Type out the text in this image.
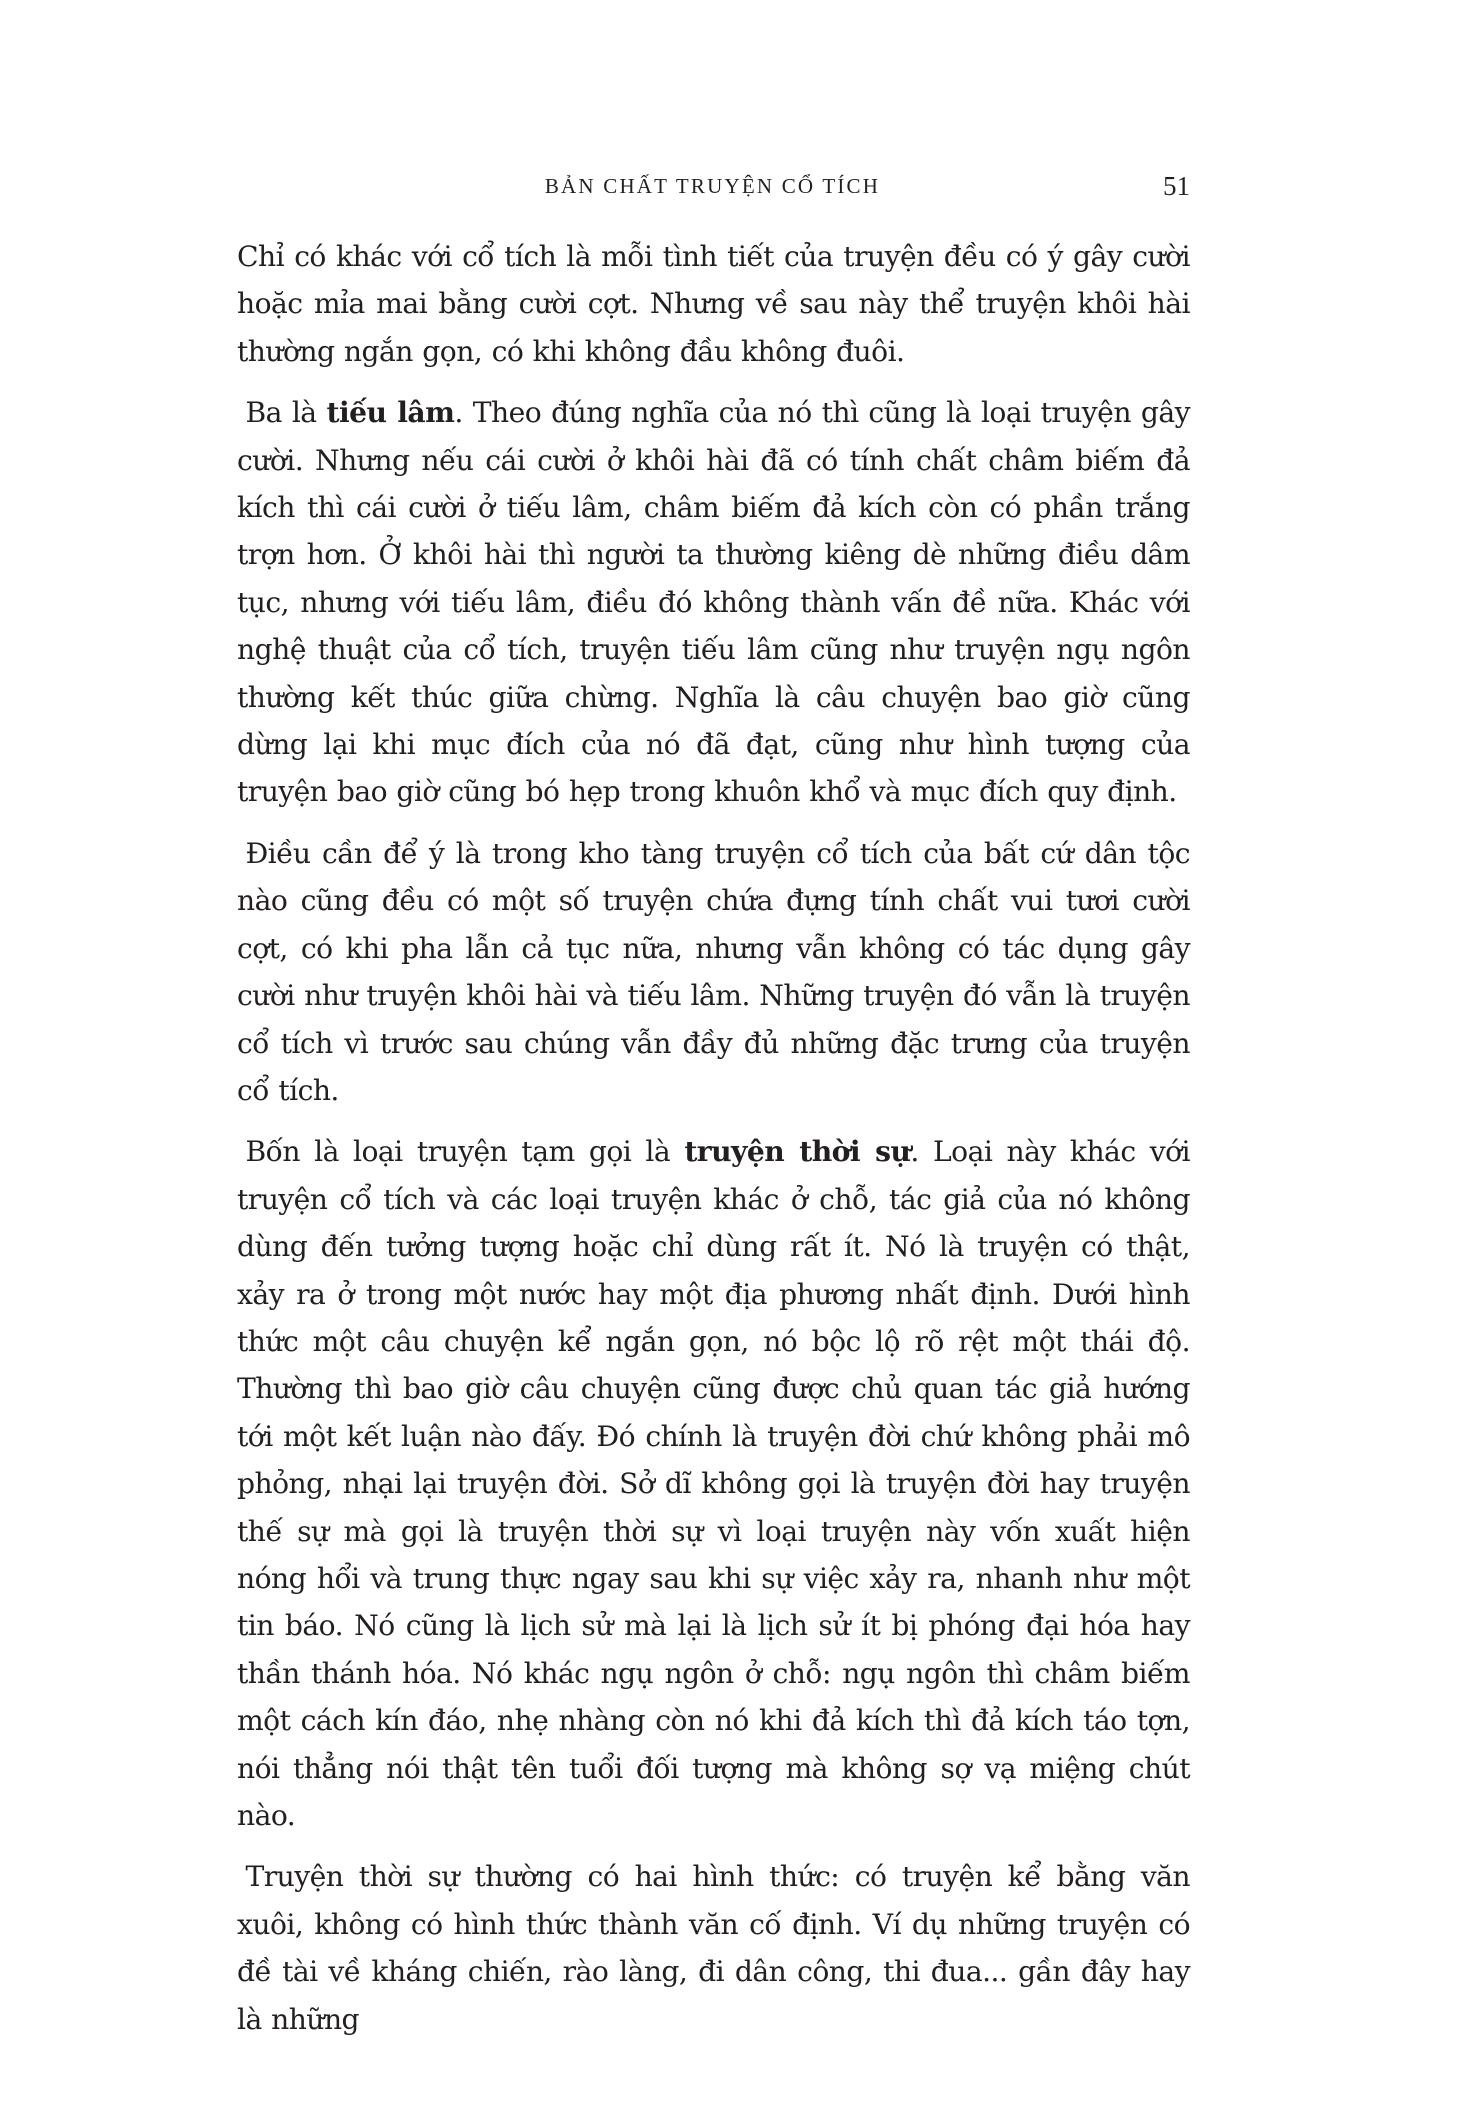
BẢN CHẤT TRUYỆN CỔ TÍCH	51

Chỉ có khác với cổ tích là mỗi tình tiết của truyện đều có ý gây cười hoặc mỉa mai bằng cười cợt. Nhưng về sau này thể truyện khôi hài thường ngắn gọn, có khi không đầu không đuôi.

Ba là tiếu lâm. Theo đúng nghĩa của nó thì cũng là loại truyện gây cười. Nhưng nếu cái cười ở khôi hài đã có tính chất châm biếm đả kích thì cái cười ở tiếu lâm, châm biếm đả kích còn có phần trắng trợn hơn. Ở khôi hài thì người ta thường kiêng dè những điều dâm tục, nhưng với tiếu lâm, điều đó không thành vấn đề nữa. Khác với nghệ thuật của cổ tích, truyện tiếu lâm cũng như truyện ngụ ngôn thường kết thúc giữa chừng. Nghĩa là câu chuyện bao giờ cũng dừng lại khi mục đích của nó đã đạt, cũng như hình tượng của truyện bao giờ cũng bó hẹp trong khuôn khổ và mục đích quy định.

Điều cần để ý là trong kho tàng truyện cổ tích của bất cứ dân tộc nào cũng đều có một số truyện chứa đựng tính chất vui tươi cười cợt, có khi pha lẫn cả tục nữa, nhưng vẫn không có tác dụng gây cười như truyện khôi hài và tiếu lâm. Những truyện đó vẫn là truyện cổ tích vì trước sau chúng vẫn đầy đủ những đặc trưng của truyện cổ tích.

Bốn là loại truyện tạm gọi là truyện thời sự. Loại này khác với truyện cổ tích và các loại truyện khác ở chỗ, tác giả của nó không dùng đến tưởng tượng hoặc chỉ dùng rất ít. Nó là truyện có thật, xảy ra ở trong một nước hay một địa phương nhất định. Dưới hình thức một câu chuyện kể ngắn gọn, nó bộc lộ rõ rệt một thái độ. Thường thì bao giờ câu chuyện cũng được chủ quan tác giả hướng tới một kết luận nào đấy. Đó chính là truyện đời chứ không phải mô phỏng, nhại lại truyện đời. Sở dĩ không gọi là truyện đời hay truyện thế sự mà gọi là truyện thời sự vì loại truyện này vốn xuất hiện nóng hổi và trung thực ngay sau khi sự việc xảy ra, nhanh như một tin báo. Nó cũng là lịch sử mà lại là lịch sử ít bị phóng đại hóa hay thần thánh hóa. Nó khác ngụ ngôn ở chỗ: ngụ ngôn thì châm biếm một cách kín đáo, nhẹ nhàng còn nó khi đả kích thì đả kích táo tợn, nói thẳng nói thật tên tuổi đối tượng mà không sợ vạ miệng chút nào.

Truyện thời sự thường có hai hình thức: có truyện kể bằng văn xuôi, không có hình thức thành văn cố định. Ví dụ những truyện có đề tài về kháng chiến, rào làng, đi dân công, thi đua... gần đây hay là những
